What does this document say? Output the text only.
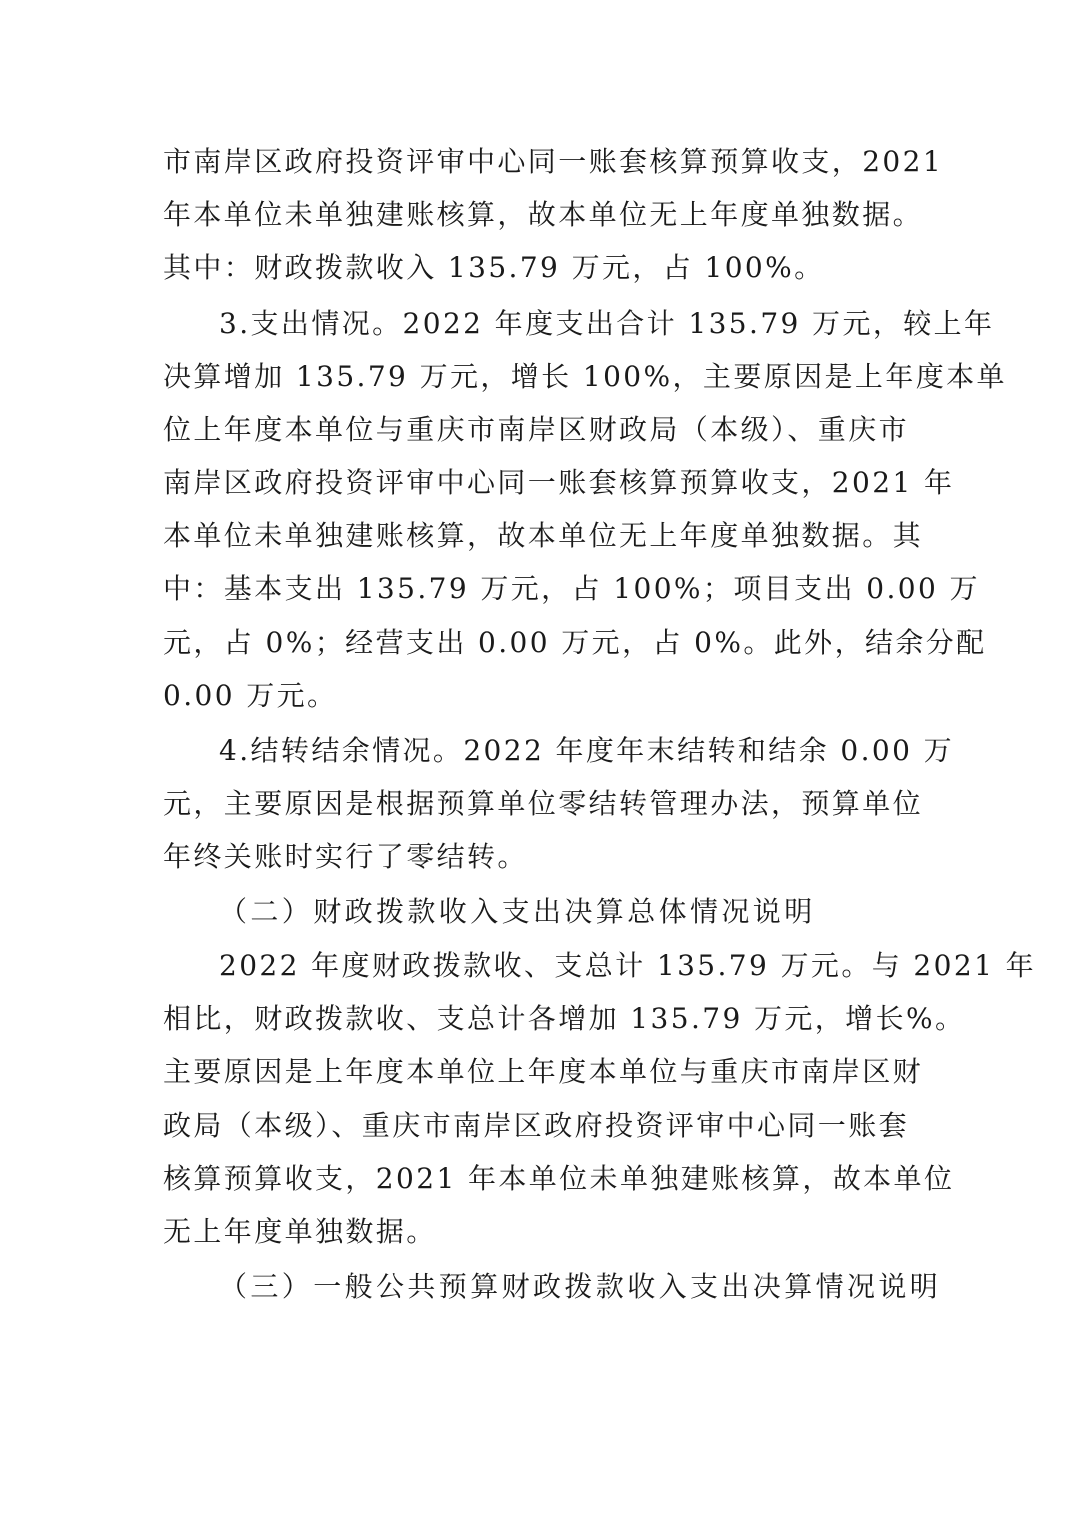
市南岸区政府投资评审中心同一账套核算预算收支，2021
年本单位未单独建账核算，故本单位无上年度单独数据。
其中：财政拨款收入 135.79 万元，占 100%。
3.支出情况。2022 年度支出合计 135.79 万元，较上年
决算增加 135.79 万元，增长 100%，主要原因是上年度本单
位上年度本单位与重庆市南岸区财政局（本级）、重庆市
南岸区政府投资评审中心同一账套核算预算收支，2021 年
本单位未单独建账核算，故本单位无上年度单独数据。其
中：基本支出 135.79 万元，占 100%；项目支出 0.00 万
元，占 0%；经营支出 0.00 万元，占 0%。此外，结余分配
0.00 万元。
4.结转结余情况。2022 年度年末结转和结余 0.00 万
元，主要原因是根据预算单位零结转管理办法，预算单位
年终关账时实行了零结转。
（二）财政拨款收入支出决算总体情况说明
2022 年度财政拨款收、支总计 135.79 万元。与 2021 年
相比，财政拨款收、支总计各增加 135.79 万元，增长%。
主要原因是上年度本单位上年度本单位与重庆市南岸区财
政局（本级）、重庆市南岸区政府投资评审中心同一账套
核算预算收支，2021 年本单位未单独建账核算，故本单位
无上年度单独数据。
（三）一般公共预算财政拨款收入支出决算情况说明
